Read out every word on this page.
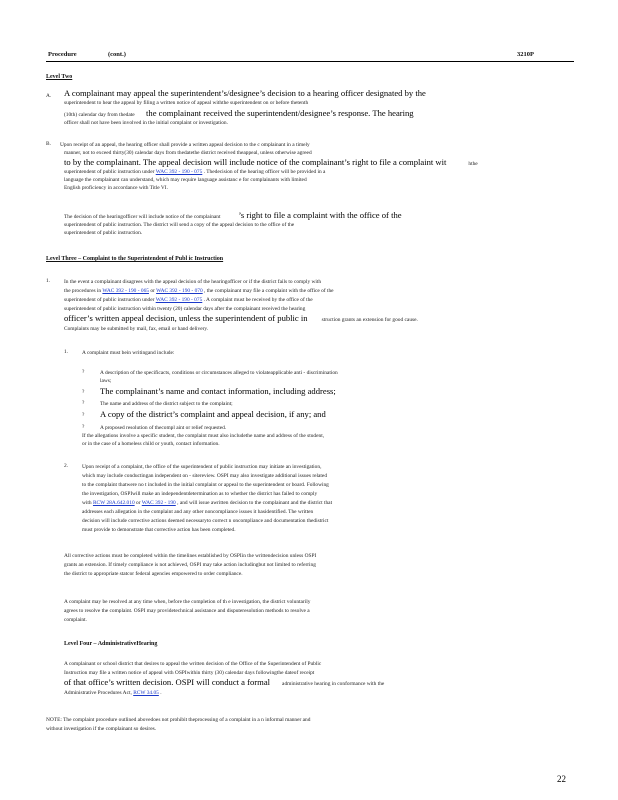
Procedure	(cont.)	3210P
Level Two
A. A complainant may appeal the superintendent’s/designee’s decision to a hearing officer designated by the
superintendent to hear the appeal by filing a written notice of appeal withthe superintendent on or before thetenth
(10th) calendar day from thedate the complainant received the superintendent/designee’s response. The hearing
officer shall not have been involved in the initial complaint or investigation.
B. Upon receipt of an appeal, the hearing officer shall provide a written appeal decision to the c omplainant in a timely
manner, not to exceed thirty(30) calendar days from thedatethe district received theappeal, unless otherwise agreed
to by the complainant. The appeal decision will include notice of the complainant’s right to file a complaint wit	hthe
superintendent of public instruction under WAC 392 - 190 - 075 . Thedecision of the hearing officer will be provided in a
language the complainant can understand, which may require language assistanc e for complainants with limited
English proficiency in accordance with Title VI.
The decision of the hearingofficer will include notice of the complainant ’s right to file a complaint with the office of the
superintendent of public instruction. The district will send a copy of the appeal decision to the office of the
superintendent of public instruction.
Level Three – Complaint to the Superintendent of Publ ic Instruction
1.	In the event a complainant disagrees with the appeal decision of the hearingofficer or if the district fails to comply with
the procedures in WAC 392 - 190 - 065 or WAC 392 - 190 - 070 , the complainant may file a complaint with the office of the
superintendent of public instruction under WAC 392 - 190 - 075 . A complaint must be received by the office of the
superintendent of public instruction within twenty (20) calendar days after the complainant received the hearing
officer’s written appeal decision, unless the superintendent of public in	struction grants an extension for good cause.
Complaints may be submitted by mail, fax, email or hand delivery.
1.	A complaint must bein writingand include:
?	A description of the specificacts, conditions or circumstances alleged to violateapplicable anti - discrimination
laws;
? The complainant’s name and contact information, including address;
?	The name and address of the district subject to the complaint;
? A copy of the district’s complaint and appeal decision, if any; and
?	A proposed resolution of thecompl aint or relief requested.
If the allegations involve a specific student, the complaint must also includethe name and address of the student,
or in the case of a homeless child or youth, contact information.
2.	Upon receipt of a complaint, the office of the superintendent of public instruction may initiate an investigation,
which may include conductingan independent on - sitereview. OSPI may also investigate additional issues related
to the complaint thatwere no t included in the initial complaint or appeal to the superintendent or board. Following
the investigation, OSPIwill make an independentdetermination as to whether the district has failed to comply
with RCW 28A.642.010 or WAC 392 - 190 , and will issue awritten decision to the complainant and the district that
addresses each allegation in the complaint and any other noncompliance issues it hasidentified. The written
decision will include corrective actions deemed necessaryto correct n oncompliance and documentation thedistrict
must provide to demonstrate that corrective action has been completed.
All corrective actions must be completed within the timelines established by OSPIin the writtendecision unless OSPI
grants an extension. If timely compliance is not achieved, OSPI may take action includingbut not limited to referring
the district to appropriate statcor federal agencies empowered to order compliance.
A complaint may be resolved at any time when, before the completion of th e investigation, the district voluntarily
agrees to resolve the complaint. OSPI may providetechnical assistance and disputeresolution methods to resolve a
complaint.
Level Four – AdministrativeHearing
A complainant or school district that desires to appeal the written decision of the Office of the Superintendent of Public
Instruction may file a written notice of appeal with OSPIwithin thirty (30) calendar days followingthe dateof receipt
of that office’s written decision. OSPI will conduct a formal administrative hearing in conformance with the
Administrative Procedures Act, RCW 34.05 .
NOTE: The complaint procedure outlined abovedoes not prohibit theprocessing of a complaint in a n informal manner and
without investigation if the complainant so desires.
22
